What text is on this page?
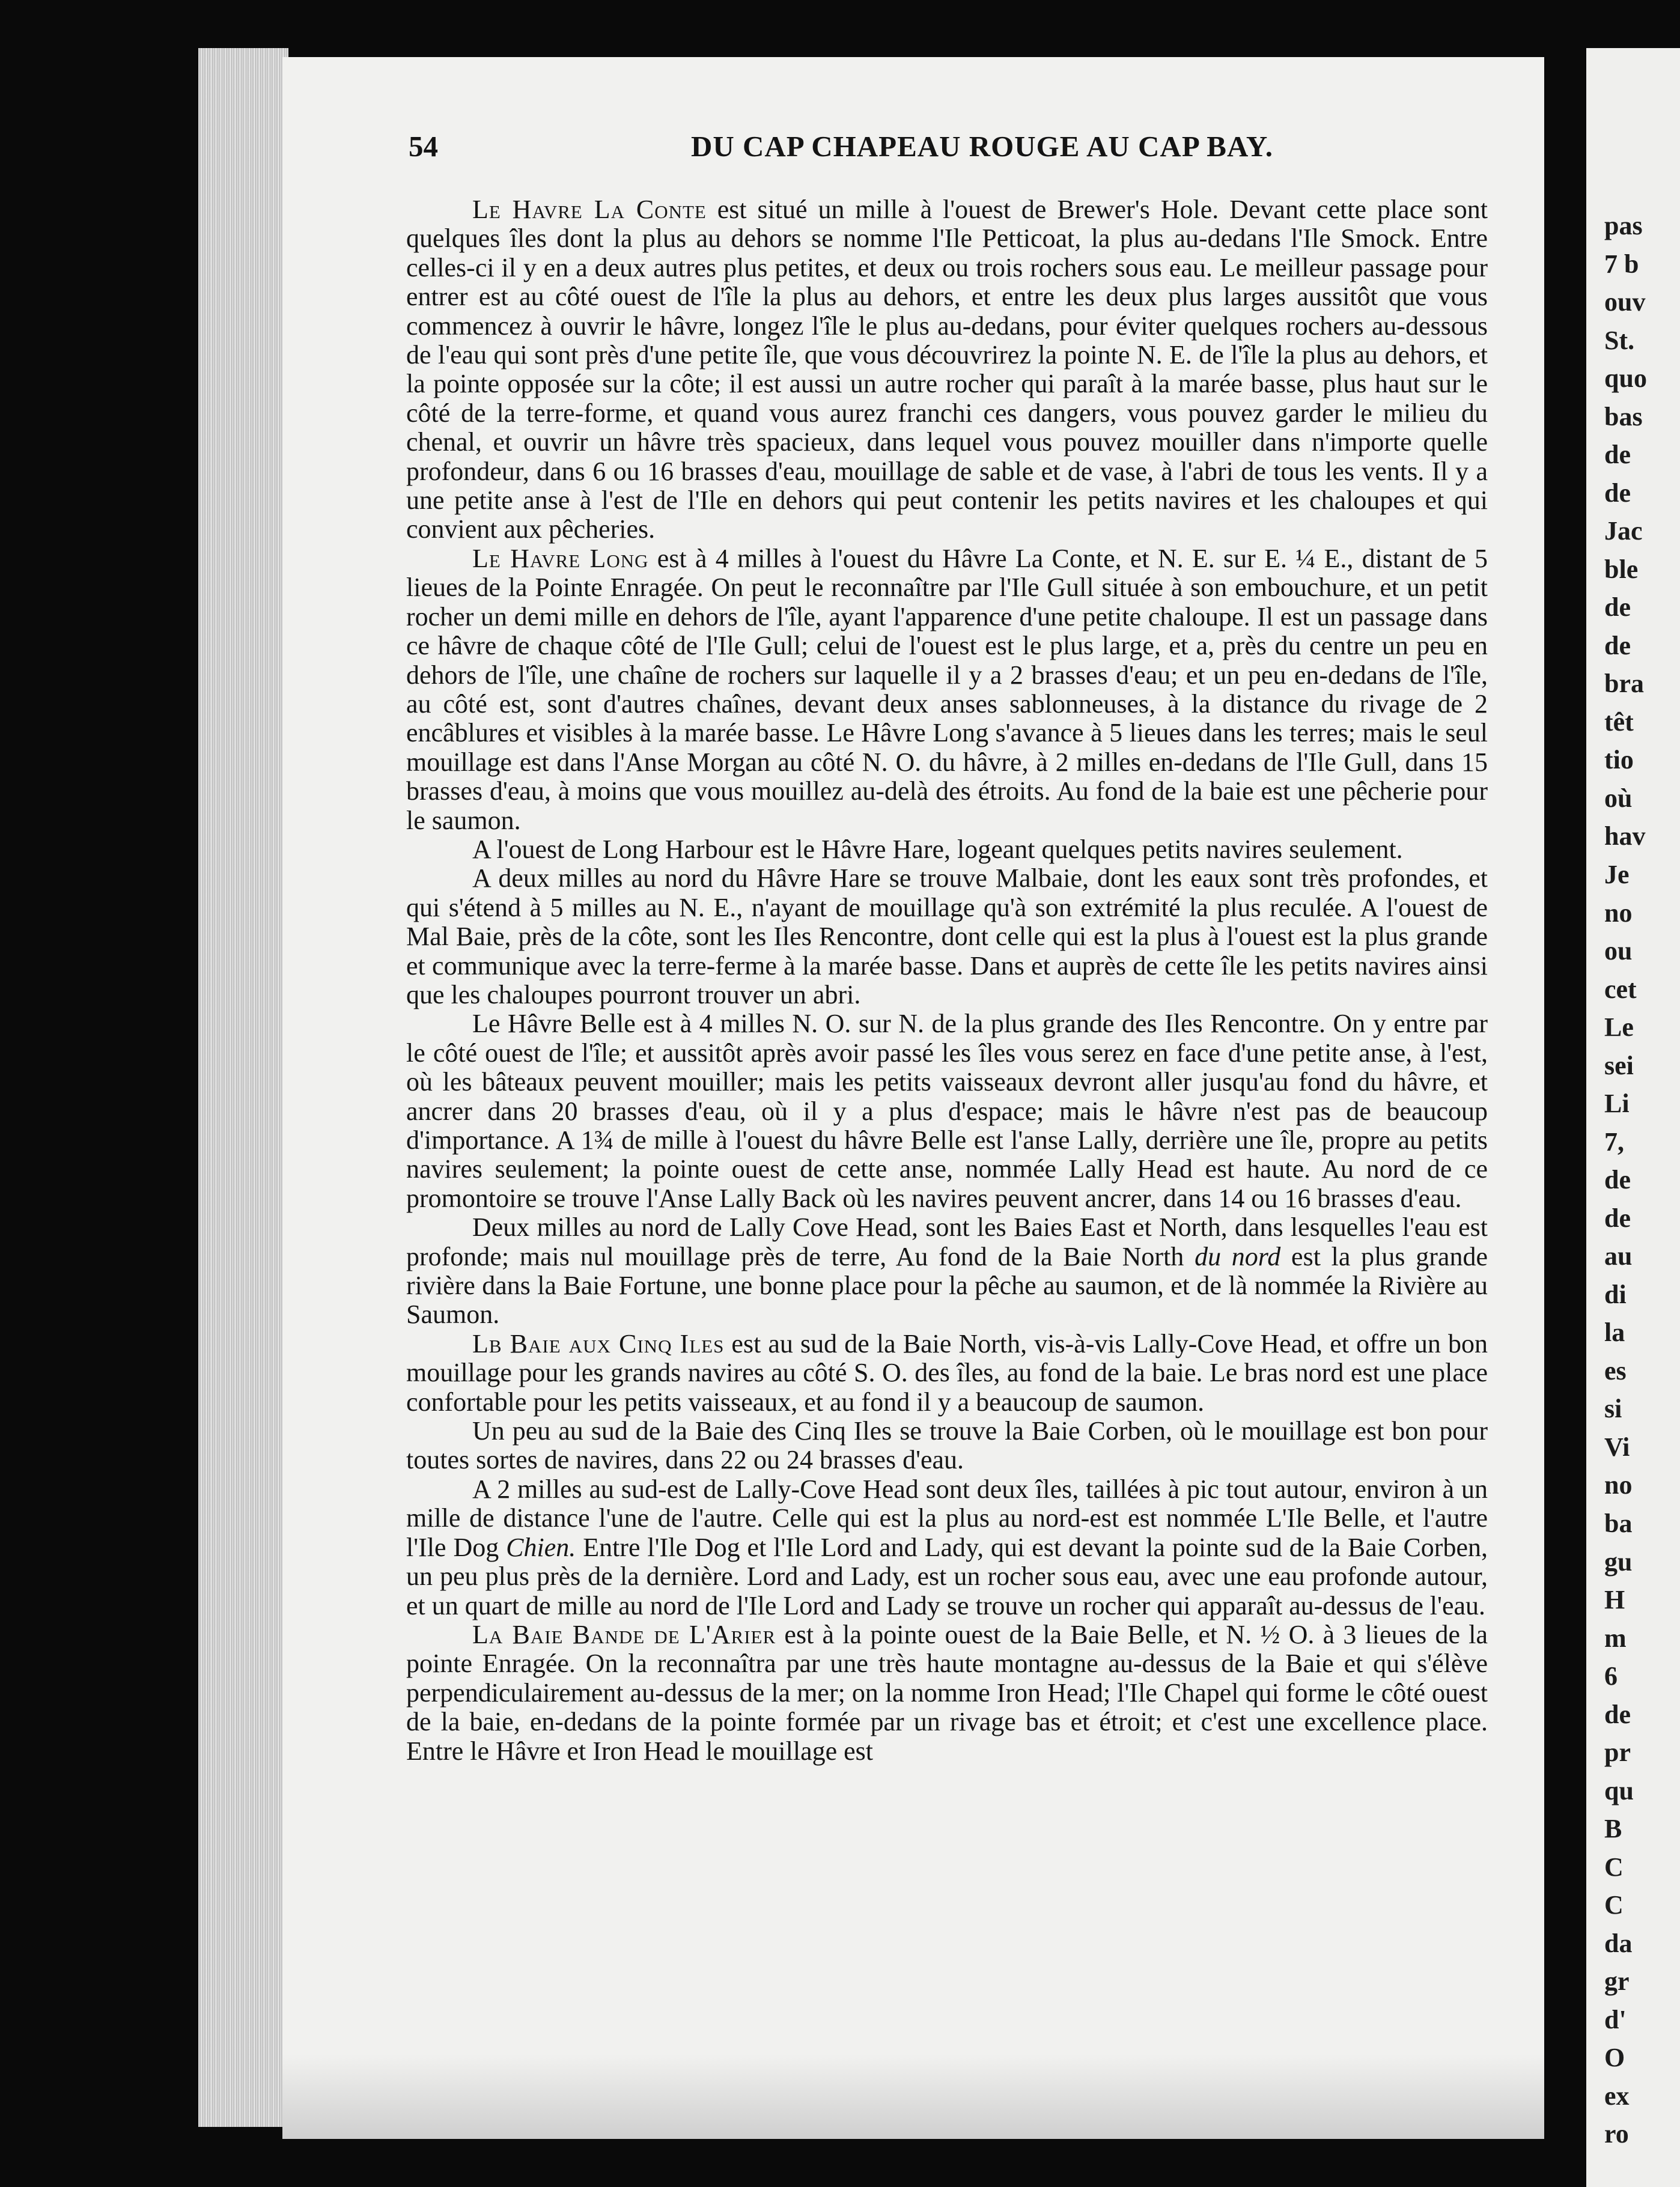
pas
7 b
ouv
St.
quo
bas
de
de
Jac
ble
de
de
bra
têt
tio
où
hav
Je
no
ou
cet
Le
sei
Li
7,
de
de
au
di
la
es
si
Vi
no
ba
gu
H
m
6
de
pr
qu
B
C
C
da
gr
d'
O
ex
ro
54	DU CAP CHAPEAU ROUGE AU CAP BAY.

Le Havre La Conte est situé un mille à l'ouest de Brewer's Hole. Devant cette place sont quelques îles dont la plus au dehors se nomme l'Ile Petticoat, la plus au-dedans l'Ile Smock. Entre celles-ci il y en a deux autres plus petites, et deux ou trois rochers sous eau. Le meilleur passage pour entrer est au côté ouest de l'île la plus au dehors, et entre les deux plus larges aussitôt que vous commencez à ouvrir le hâvre, longez l'île le plus au-dedans, pour éviter quelques rochers au-dessous de l'eau qui sont près d'une petite île, que vous découvrirez la pointe N. E. de l'île la plus au dehors, et la pointe opposée sur la côte; il est aussi un autre rocher qui paraît à la marée basse, plus haut sur le côté de la terre-forme, et quand vous aurez franchi ces dangers, vous pouvez garder le milieu du chenal, et ouvrir un hâvre très spacieux, dans lequel vous pouvez mouiller dans n'importe quelle profondeur, dans 6 ou 16 brasses d'eau, mouillage de sable et de vase, à l'abri de tous les vents. Il y a une petite anse à l'est de l'Ile en dehors qui peut contenir les petits navires et les chaloupes et qui convient aux pêcheries.

Le Havre Long est à 4 milles à l'ouest du Hâvre La Conte, et N. E. sur E. ¼ E., distant de 5 lieues de la Pointe Enragée. On peut le reconnaître par l'Ile Gull située à son embouchure, et un petit rocher un demi mille en dehors de l'île, ayant l'apparence d'une petite chaloupe. Il est un passage dans ce hâvre de chaque côté de l'Ile Gull; celui de l'ouest est le plus large, et a, près du centre un peu en dehors de l'île, une chaîne de rochers sur laquelle il y a 2 brasses d'eau; et un peu en-dedans de l'île, au côté est, sont d'autres chaînes, devant deux anses sablonneuses, à la distance du rivage de 2 encâblures et visibles à la marée basse. Le Hâvre Long s'avance à 5 lieues dans les terres; mais le seul mouillage est dans l'Anse Morgan au côté N. O. du hâvre, à 2 milles en-dedans de l'Ile Gull, dans 15 brasses d'eau, à moins que vous mouillez au-delà des étroits. Au fond de la baie est une pêcherie pour le saumon.

A l'ouest de Long Harbour est le Hâvre Hare, logeant quelques petits navires seulement.

A deux milles au nord du Hâvre Hare se trouve Malbaie, dont les eaux sont très profondes, et qui s'étend à 5 milles au N. E., n'ayant de mouillage qu'à son extrémité la plus reculée. A l'ouest de Mal Baie, près de la côte, sont les Iles Rencontre, dont celle qui est la plus à l'ouest est la plus grande et communique avec la terre-ferme à la marée basse. Dans et auprès de cette île les petits navires ainsi que les chaloupes pourront trouver un abri.

Le Hâvre Belle est à 4 milles N. O. sur N. de la plus grande des Iles Rencontre. On y entre par le côté ouest de l'île; et aussitôt après avoir passé les îles vous serez en face d'une petite anse, à l'est, où les bâteaux peuvent mouiller; mais les petits vaisseaux devront aller jusqu'au fond du hâvre, et ancrer dans 20 brasses d'eau, où il y a plus d'espace; mais le hâvre n'est pas de beaucoup d'importance. A 1¾ de mille à l'ouest du hâvre Belle est l'anse Lally, derrière une île, propre au petits navires seulement; la pointe ouest de cette anse, nommée Lally Head est haute. Au nord de ce promontoire se trouve l'Anse Lally Back où les navires peuvent ancrer, dans 14 ou 16 brasses d'eau.

Deux milles au nord de Lally Cove Head, sont les Baies East et North, dans lesquelles l'eau est profonde; mais nul mouillage près de terre, Au fond de la Baie North du nord est la plus grande rivière dans la Baie Fortune, une bonne place pour la pêche au saumon, et de là nommée la Rivière au Saumon.

Lb Baie aux Cinq Iles est au sud de la Baie North, vis-à-vis Lally-Cove Head, et offre un bon mouillage pour les grands navires au côté S. O. des îles, au fond de la baie. Le bras nord est une place confortable pour les petits vaisseaux, et au fond il y a beaucoup de saumon.

Un peu au sud de la Baie des Cinq Iles se trouve la Baie Corben, où le mouillage est bon pour toutes sortes de navires, dans 22 ou 24 brasses d'eau.

A 2 milles au sud-est de Lally-Cove Head sont deux îles, taillées à pic tout autour, environ à un mille de distance l'une de l'autre. Celle qui est la plus au nord-est est nommée L'Ile Belle, et l'autre l'Ile Dog Chien. Entre l'Ile Dog et l'Ile Lord and Lady, qui est devant la pointe sud de la Baie Corben, un peu plus près de la dernière. Lord and Lady, est un rocher sous eau, avec une eau profonde autour, et un quart de mille au nord de l'Ile Lord and Lady se trouve un rocher qui apparaît au-dessus de l'eau.

La Baie Bande de L'Arier est à la pointe ouest de la Baie Belle, et N. ½ O. à 3 lieues de la pointe Enragée. On la reconnaîtra par une très haute montagne au-dessus de la Baie et qui s'élève perpendiculairement au-dessus de la mer; on la nomme Iron Head; l'Ile Chapel qui forme le côté ouest de la baie, en-dedans de la pointe formée par un rivage bas et étroit; et c'est une excellence place. Entre le Hâvre et Iron Head le mouillage est
